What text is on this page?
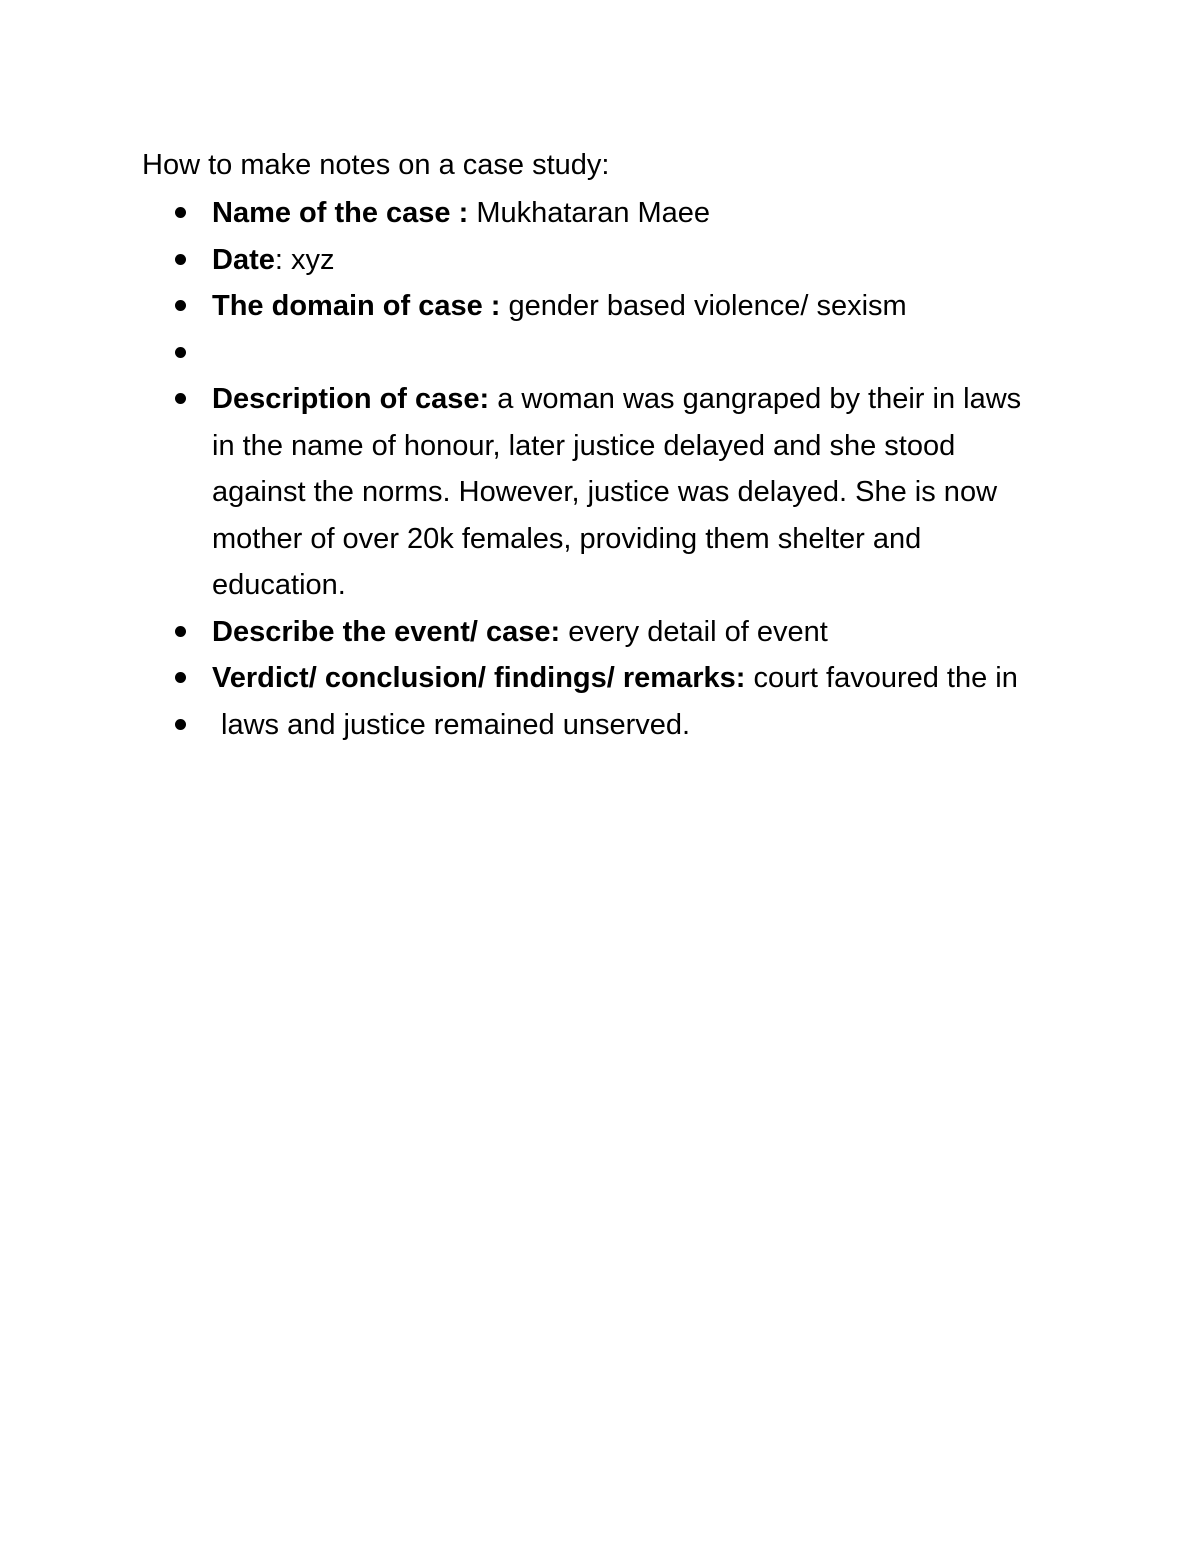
How to make notes on a case study:
Name of the case : Mukhataran Maee
Date: xyz
The domain of case : gender based violence/ sexism
Description of case: a woman was gangraped by their in laws in the name of honour, later justice delayed and she stood against the norms. However, justice was delayed. She is now mother of over 20k females, providing them shelter and education.
Describe the event/ case: every detail of event
Verdict/ conclusion/ findings/ remarks: court favoured the in
laws and justice remained unserved.
